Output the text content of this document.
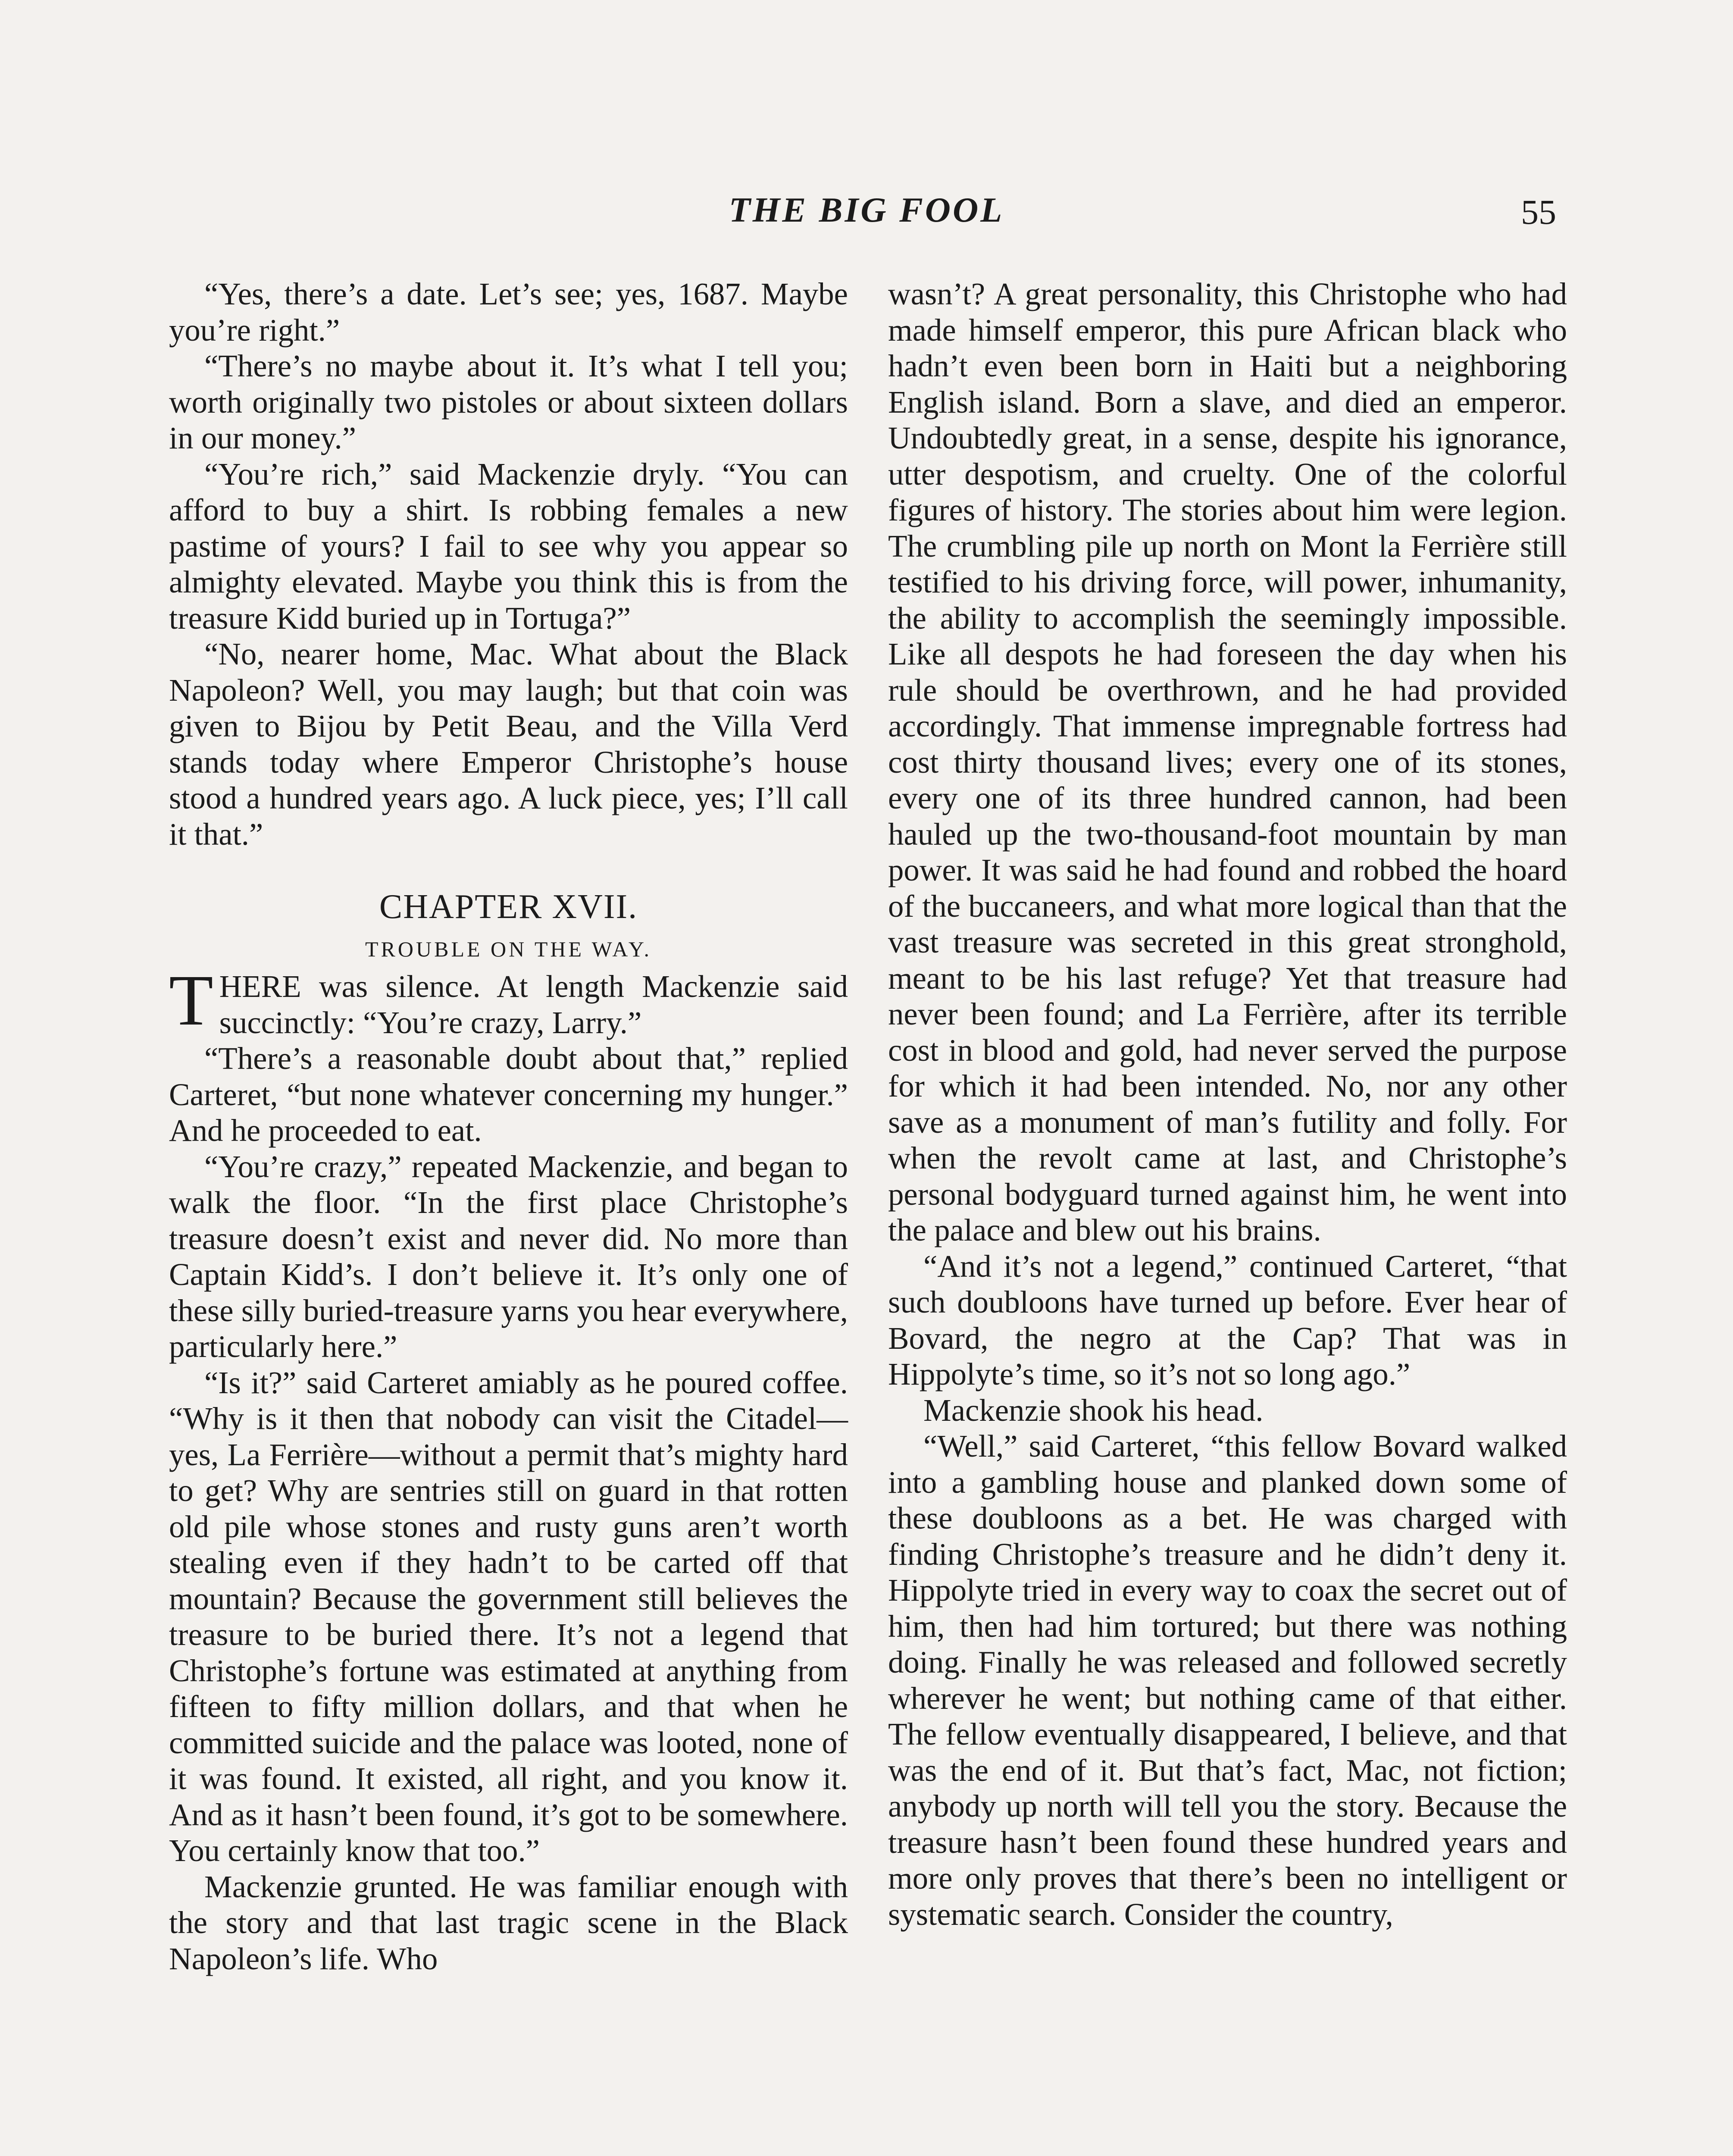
THE BIG FOOL	55

“Yes, there’s a date. Let’s see; yes, 1687. Maybe you’re right.”

“There’s no maybe about it. It’s what I tell you; worth originally two pistoles or about sixteen dollars in our money.”

“You’re rich,” said Mackenzie dryly. “You can afford to buy a shirt. Is robbing females a new pastime of yours? I fail to see why you appear so almighty elevated. Maybe you think this is from the treasure Kidd buried up in Tortuga?”

“No, nearer home, Mac. What about the Black Napoleon? Well, you may laugh; but that coin was given to Bijou by Petit Beau, and the Villa Verd stands today where Emperor Christophe’s house stood a hundred years ago. A luck piece, yes; I’ll call it that.”

CHAPTER XVII.
TROUBLE ON THE WAY.

THERE was silence. At length Mackenzie said succinctly: “You’re crazy, Larry.”

“There’s a reasonable doubt about that,” replied Carteret, “but none whatever concerning my hunger.” And he proceeded to eat.

“You’re crazy,” repeated Mackenzie, and began to walk the floor. “In the first place Christophe’s treasure doesn’t exist and never did. No more than Captain Kidd’s. I don’t believe it. It’s only one of these silly buried-treasure yarns you hear everywhere, particularly here.”

“Is it?” said Carteret amiably as he poured coffee. “Why is it then that nobody can visit the Citadel—yes, La Ferrière—without a permit that’s mighty hard to get? Why are sentries still on guard in that rotten old pile whose stones and rusty guns aren’t worth stealing even if they hadn’t to be carted off that mountain? Because the government still believes the treasure to be buried there. It’s not a legend that Christophe’s fortune was estimated at anything from fifteen to fifty million dollars, and that when he committed suicide and the palace was looted, none of it was found. It existed, all right, and you know it. And as it hasn’t been found, it’s got to be somewhere. You certainly know that too.”

Mackenzie grunted. He was familiar enough with the story and that last tragic scene in the Black Napoleon’s life. Who

wasn’t? A great personality, this Christophe who had made himself emperor, this pure African black who hadn’t even been born in Haiti but a neighboring English island. Born a slave, and died an emperor. Undoubtedly great, in a sense, despite his ignorance, utter despotism, and cruelty. One of the colorful figures of history. The stories about him were legion. The crumbling pile up north on Mont la Ferrière still testified to his driving force, will power, inhumanity, the ability to accomplish the seemingly impossible. Like all despots he had foreseen the day when his rule should be overthrown, and he had provided accordingly. That immense impregnable fortress had cost thirty thousand lives; every one of its stones, every one of its three hundred cannon, had been hauled up the two-thousand-foot mountain by man power. It was said he had found and robbed the hoard of the buccaneers, and what more logical than that the vast treasure was secreted in this great stronghold, meant to be his last refuge? Yet that treasure had never been found; and La Ferrière, after its terrible cost in blood and gold, had never served the purpose for which it had been intended. No, nor any other save as a monument of man’s futility and folly. For when the revolt came at last, and Christophe’s personal bodyguard turned against him, he went into the palace and blew out his brains.

“And it’s not a legend,” continued Carteret, “that such doubloons have turned up before. Ever hear of Bovard, the negro at the Cap? That was in Hippolyte’s time, so it’s not so long ago.”

Mackenzie shook his head.

“Well,” said Carteret, “this fellow Bovard walked into a gambling house and planked down some of these doubloons as a bet. He was charged with finding Christophe’s treasure and he didn’t deny it. Hippolyte tried in every way to coax the secret out of him, then had him tortured; but there was nothing doing. Finally he was released and followed secretly wherever he went; but nothing came of that either. The fellow eventually disappeared, I believe, and that was the end of it. But that’s fact, Mac, not fiction; anybody up north will tell you the story. Because the treasure hasn’t been found these hundred years and more only proves that there’s been no intelligent or systematic search. Consider the country,
